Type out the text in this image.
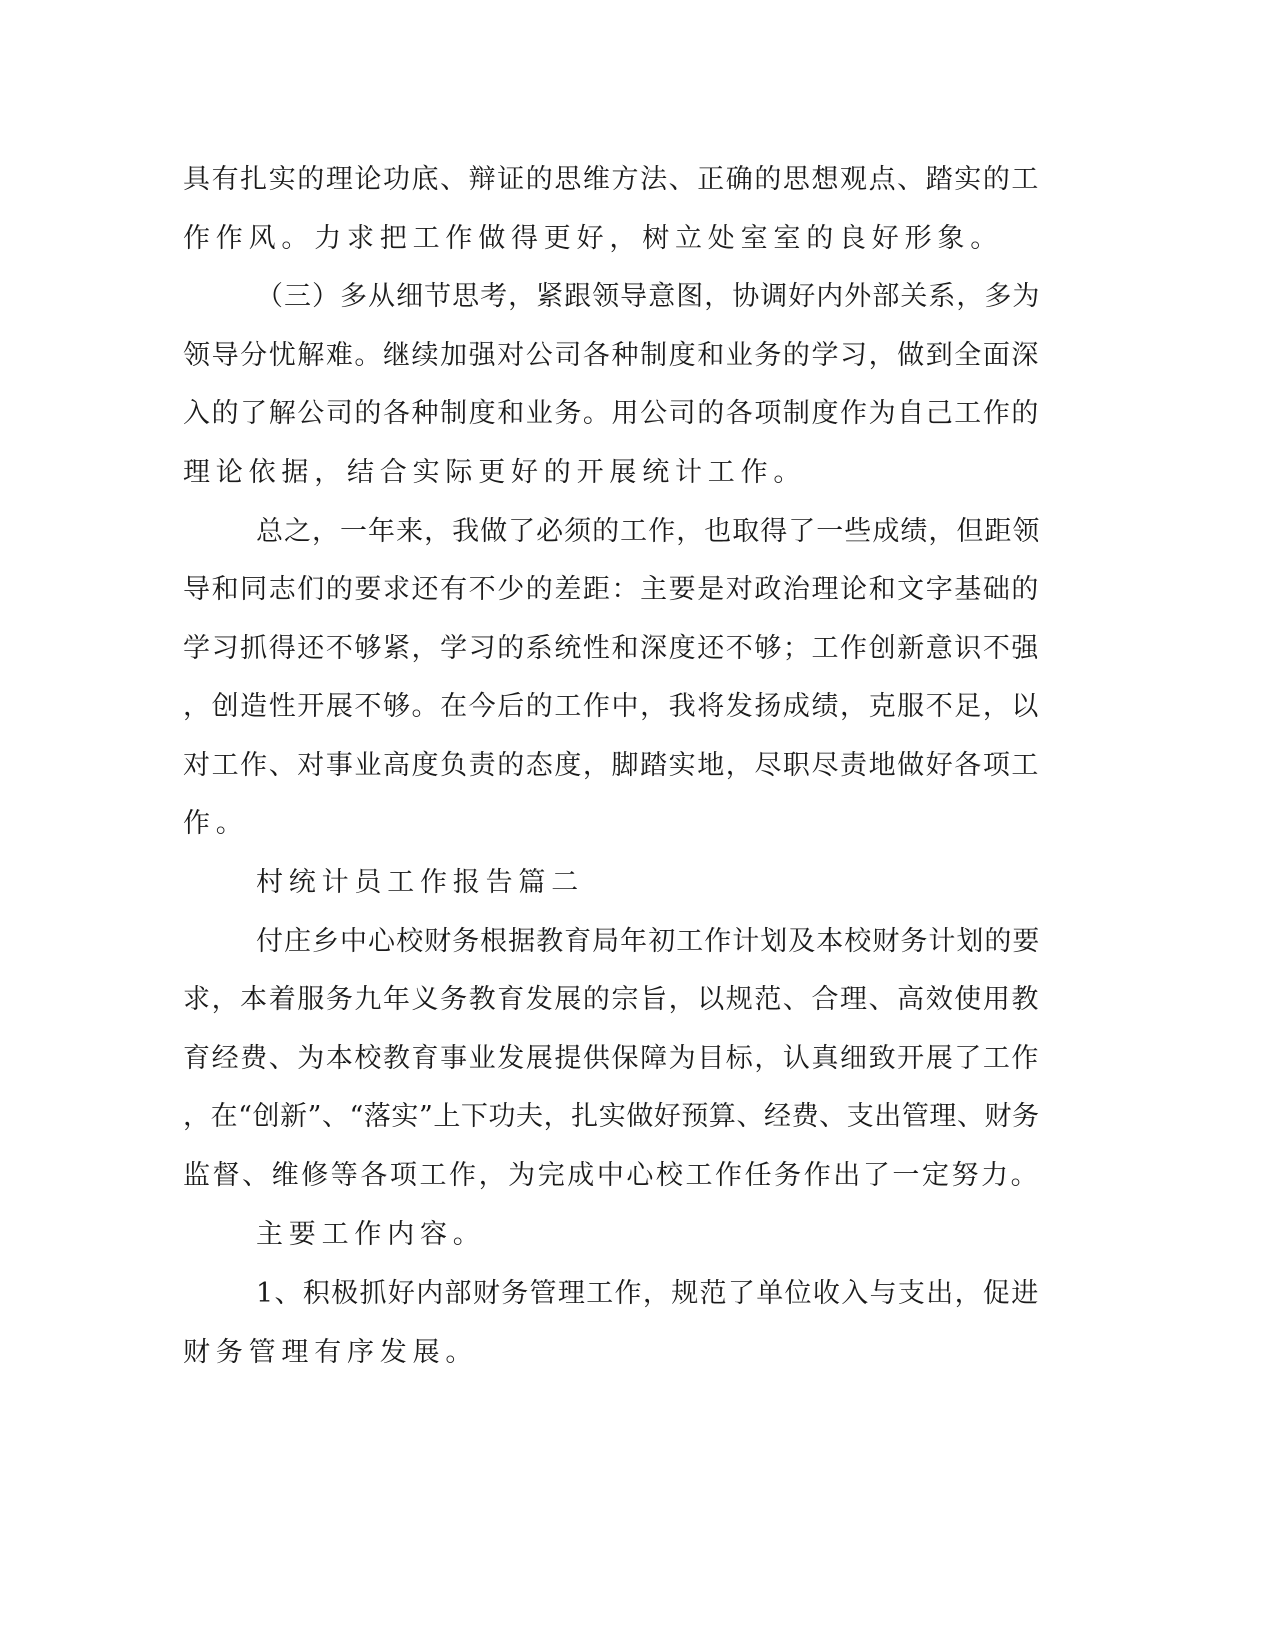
具有扎实的理论功底、辩证的思维方法、正确的思想观点、踏实的工

作作风。力求把工作做得更好，树立处室室的良好形象。

（三）多从细节思考，紧跟领导意图，协调好内外部关系，多为

领导分忧解难。继续加强对公司各种制度和业务的学习，做到全面深

入的了解公司的各种制度和业务。用公司的各项制度作为自己工作的

理论依据，结合实际更好的开展统计工作。

总之，一年来，我做了必须的工作，也取得了一些成绩，但距领

导和同志们的要求还有不少的差距：主要是对政治理论和文字基础的

学习抓得还不够紧，学习的系统性和深度还不够；工作创新意识不强

，创造性开展不够。在今后的工作中，我将发扬成绩，克服不足，以

对工作、对事业高度负责的态度，脚踏实地，尽职尽责地做好各项工

作。

村统计员工作报告篇二

付庄乡中心校财务根据教育局年初工作计划及本校财务计划的要

求，本着服务九年义务教育发展的宗旨，以规范、合理、高效使用教

育经费、为本校教育事业发展提供保障为目标，认真细致开展了工作

，在“创新”、“落实”上下功夫，扎实做好预算、经费、支出管理、财务

监督、维修等各项工作，为完成中心校工作任务作出了一定努力。

主要工作内容。

1、积极抓好内部财务管理工作，规范了单位收入与支出，促进

财务管理有序发展。
